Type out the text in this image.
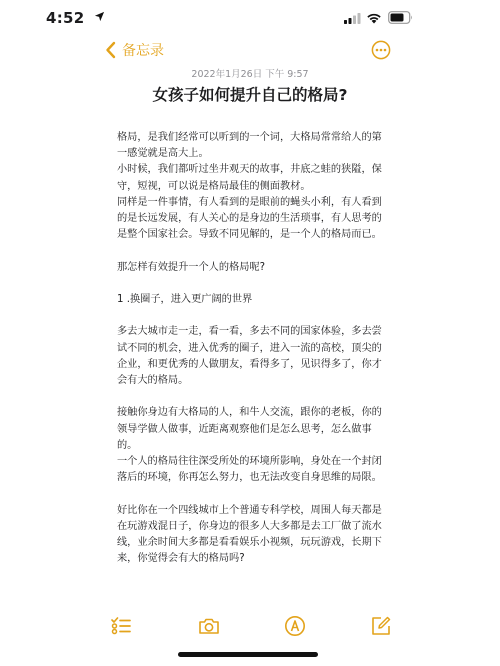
4:52
备忘录
2022年1月26日 下午 9:57
女孩子如何提升自己的格局?

格局，是我们经常可以听到的一个词，大格局常常给人的第一感觉就是高大上。

小时候，我们都听过坐井观天的故事，井底之蛙的狭隘，保守，短视，可以说是格局最佳的侧面教材。

同样是一件事情，有人看到的是眼前的蝇头小利，有人看到的是长远发展，有人关心的是身边的生活琐事，有人思考的是整个国家社会。导致不同见解的，是一个人的格局而已。

那怎样有效提升一个人的格局呢?

1 .换圈子，进入更广阔的世界

多去大城市走一走，看一看，多去不同的国家体验，多去尝试不同的机会，进入优秀的圈子，进入一流的高校，顶尖的企业，和更优秀的人做朋友，看得多了，见识得多了，你才会有大的格局。

接触你身边有大格局的人，和牛人交流，跟你的老板，你的领导学做人做事，近距离观察他们是怎么思考，怎么做事的。

一个人的格局往往深受所处的环境所影响，身处在一个封闭落后的环境，你再怎么努力，也无法改变自身思维的局限。

好比你在一个四线城市上个普通专科学校，周围人每天都是在玩游戏混日子，你身边的很多人大多都是去工厂做了流水线，业余时间大多都是看看娱乐小视频，玩玩游戏，长期下来，你觉得会有大的格局吗?
